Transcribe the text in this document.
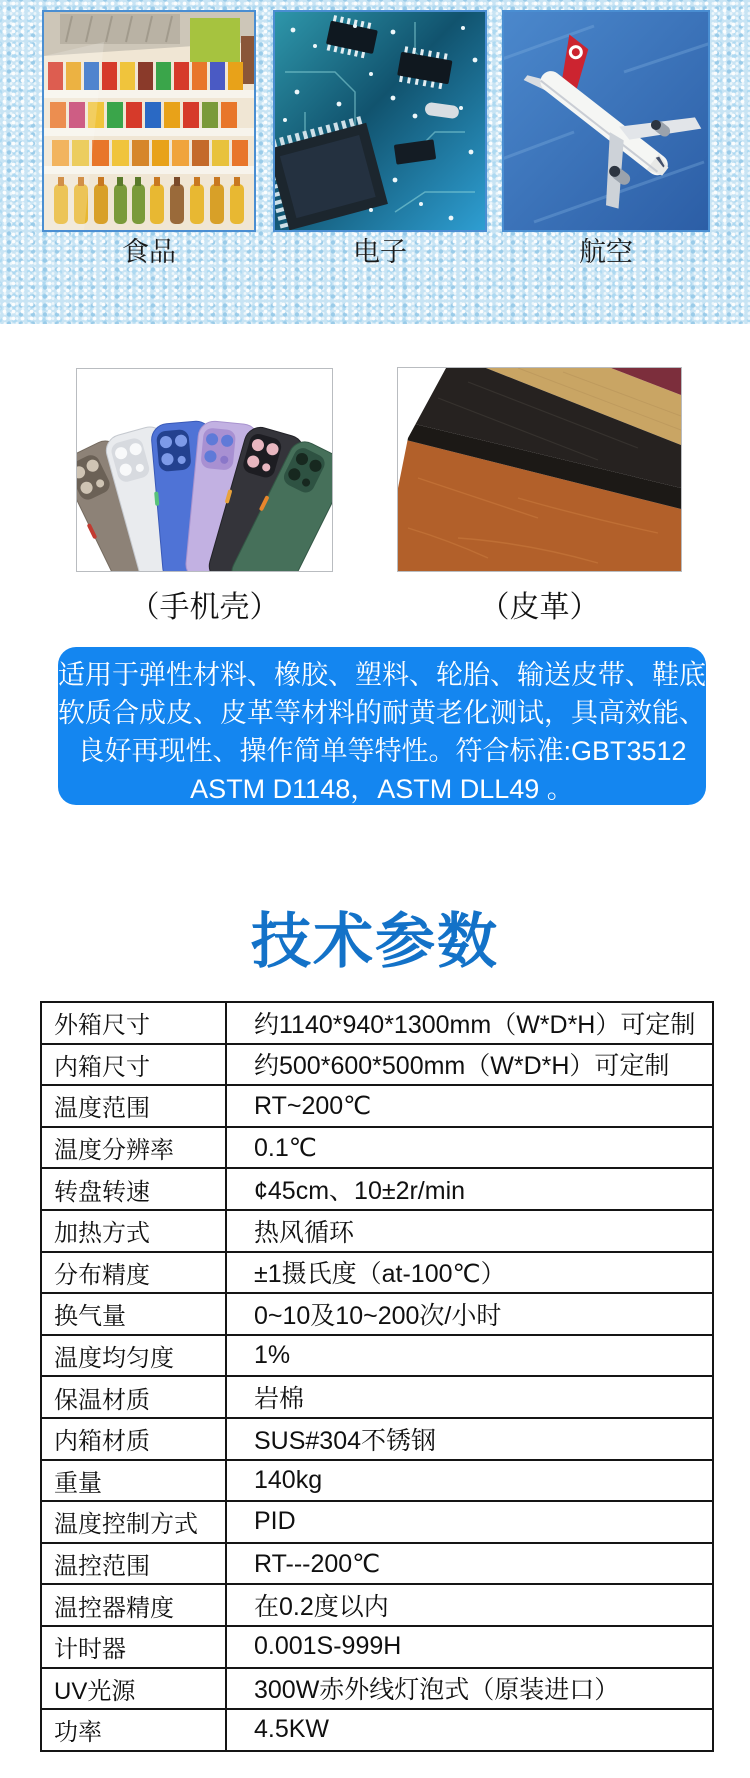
食品	电子	航空
（手机壳）	（皮革）
适用于弹性材料、橡胶、塑料、轮胎、输送皮带、鞋底
软质合成皮、皮革等材料的耐黄老化测试，具高效能、
良好再现性、操作简单等特性。符合标准:GBT3512
ASTM D1148，ASTM DLL49 。
技术参数
外箱尺寸	约1140*940*1300mm（W*D*H）可定制
内箱尺寸	约500*600*500mm（W*D*H）可定制
温度范围	RT~200℃
温度分辨率	0.1℃
转盘转速	¢45cm、10±2r/min
加热方式	热风循环
分布精度	±1摄氏度（at-100℃）
换气量	0~10及10~200次/小时
温度均匀度	1%
保温材质	岩棉
内箱材质	SUS#304不锈钢
重量	140kg
温度控制方式	PID
温控范围	RT---200℃
温控器精度	在0.2度以内
计时器	0.001S-999H
UV光源	300W赤外线灯泡式（原装进口）
功率	4.5KW
